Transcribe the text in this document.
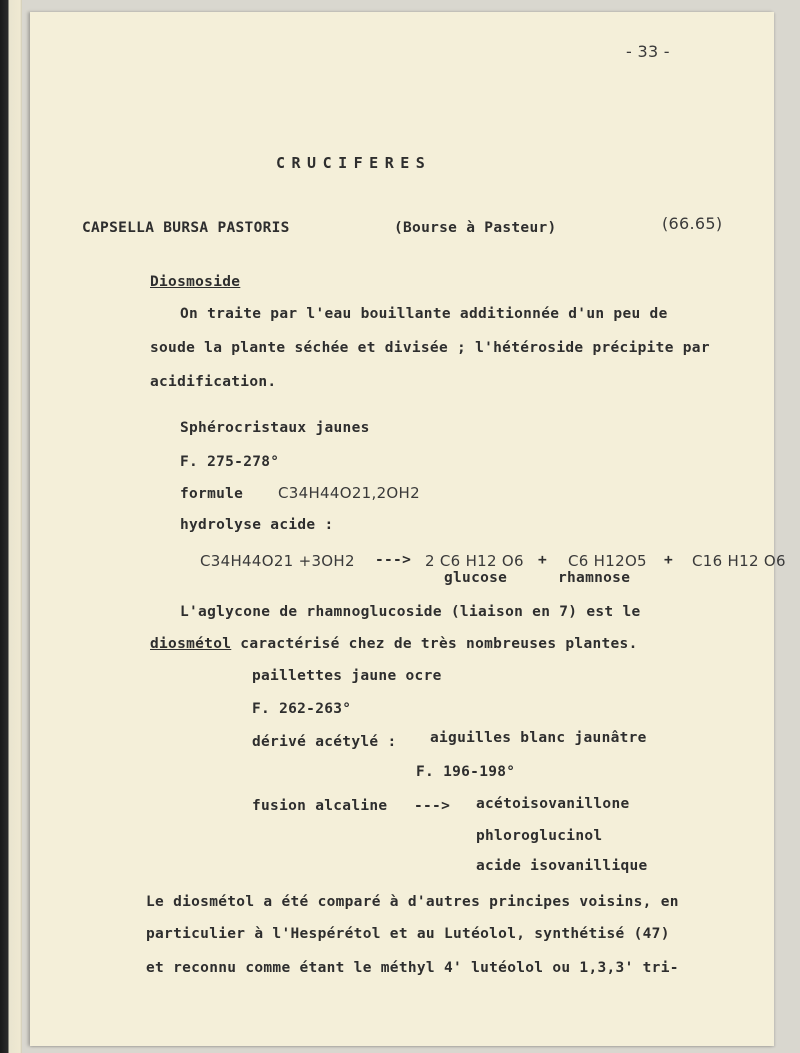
- 33 -
CRUCIFERES
CAPSELLA BURSA PASTORIS	(Bourse à Pasteur)	(66.65)
Diosmoside
On traite par l'eau bouillante additionnée d'un peu de
soude la plante séchée et divisée ; l'hétéroside précipite par
acidification.
Sphérocristaux jaunes
F. 275-278°
formule C34H44O21,2OH2
hydrolyse acide :
C34H44O21 +3OH2 ---> 2 C6 H12 O6 + C6 H12O5 + C16 H12 O6
glucose	rhamnose
L'aglycone de rhamnoglucoside (liaison en 7) est le
diosmétol caractérisé chez de très nombreuses plantes.
paillettes jaune ocre
F. 262-263°
dérivé acétylé : aiguilles blanc jaunâtre
F. 196-198°
fusion alcaline ---> acétoisovanillone
phloroglucinol
acide isovanillique
Le diosmétol a été comparé à d'autres principes voisins, en
particulier à l'Hespérétol et au Lutéolol, synthétisé (47)
et reconnu comme étant le méthyl 4' lutéolol ou 1,3,3' tri-
